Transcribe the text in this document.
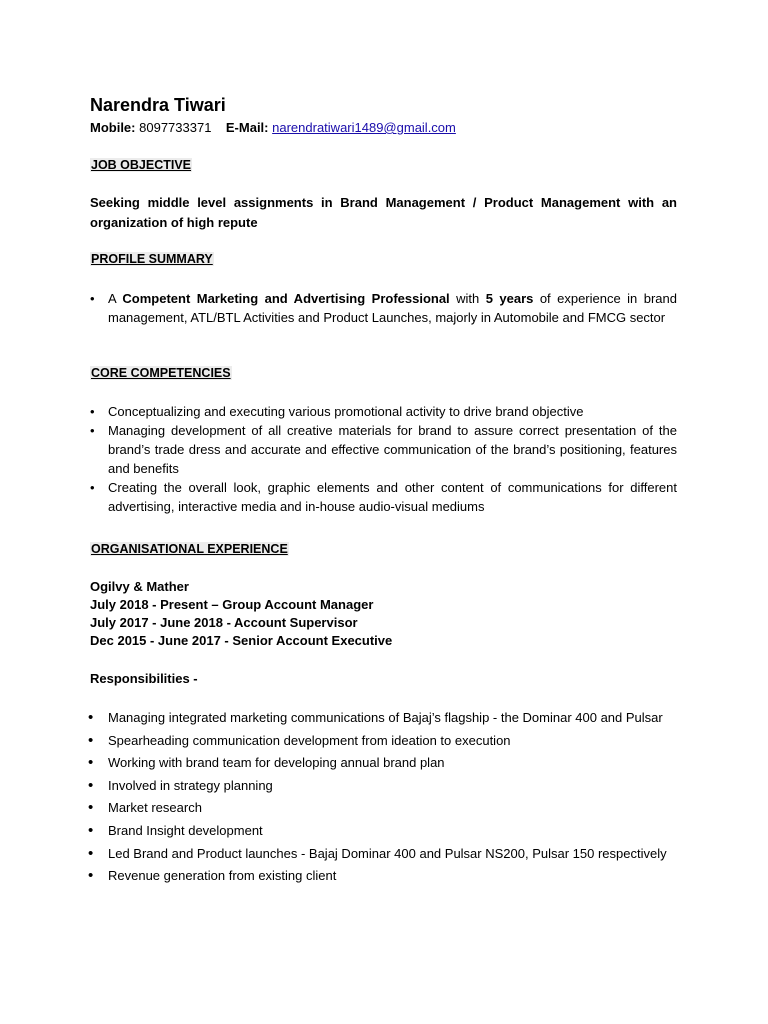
Narendra Tiwari
Mobile: 8097733371 E-Mail: narendratiwari1489@gmail.com
JOB OBJECTIVE
Seeking middle level assignments in Brand Management / Product Management with an organization of high repute
PROFILE SUMMARY
• A Competent Marketing and Advertising Professional with 5 years of experience in brand management, ATL/BTL Activities and Product Launches, majorly in Automobile and FMCG sector
CORE COMPETENCIES
• Conceptualizing and executing various promotional activity to drive brand objective
• Managing development of all creative materials for brand to assure correct presentation of the brand’s trade dress and accurate and effective communication of the brand’s positioning, features and benefits
• Creating the overall look, graphic elements and other content of communications for different advertising, interactive media and in-house audio-visual mediums
ORGANISATIONAL EXPERIENCE
Ogilvy & Mather
July 2018 - Present – Group Account Manager
July 2017 - June 2018 - Account Supervisor
Dec 2015 - June 2017 - Senior Account Executive
Responsibilities -
• Managing integrated marketing communications of Bajaj’s flagship - the Dominar 400 and Pulsar
• Spearheading communication development from ideation to execution
• Working with brand team for developing annual brand plan
• Involved in strategy planning
• Market research
• Brand Insight development
• Led Brand and Product launches - Bajaj Dominar 400 and Pulsar NS200, Pulsar 150 respectively
• Revenue generation from existing client
